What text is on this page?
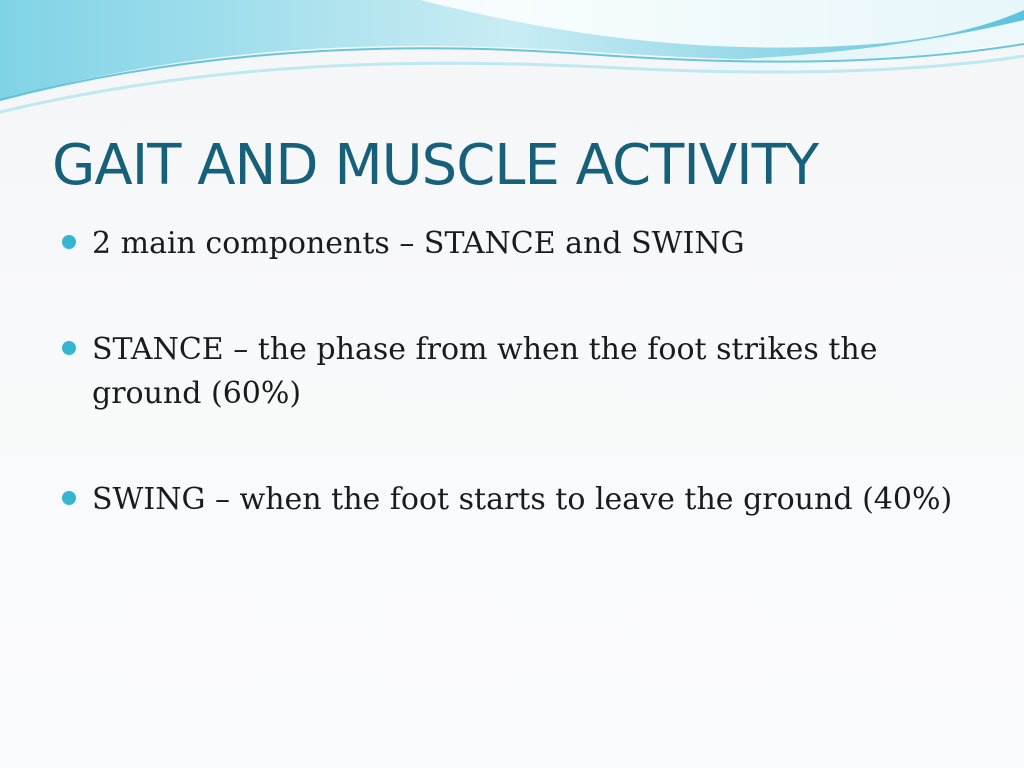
GAIT AND MUSCLE ACTIVITY
2 main components – STANCE and SWING
STANCE – the phase from when the foot strikes the ground (60%)
SWING – when the foot starts to leave the ground (40%)
